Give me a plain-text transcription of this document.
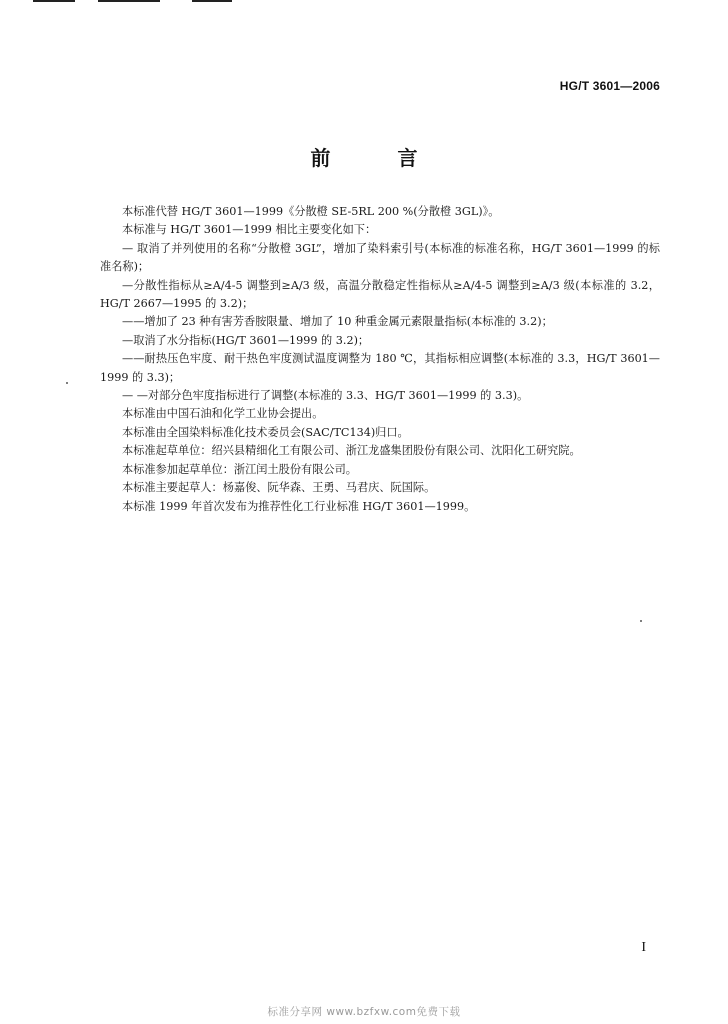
HG/T 3601—2006
前 言

本标准代替 HG/T 3601—1999《分散橙 SE-5RL 200 %(分散橙 3GL)》。

本标准与 HG/T 3601—1999 相比主要变化如下：

— 取消了并列使用的名称“分散橙 3GL”，增加了染料索引号(本标准的标准名称，HG/T 3601—1999 的标准名称)；

—分散性指标从≥A/4-5 调整到≥A/3 级，高温分散稳定性指标从≥A/4-5 调整到≥A/3 级(本标准的 3.2，HG/T 2667—1995 的 3.2)；

——增加了 23 种有害芳香胺限量、增加了 10 种重金属元素限量指标(本标准的 3.2)；

—取消了水分指标(HG/T 3601—1999 的 3.2)；

——耐热压色牢度、耐干热色牢度测试温度调整为 180 ℃，其指标相应调整(本标准的 3.3，HG/T 3601—1999 的 3.3)；

— —对部分色牢度指标进行了调整(本标准的 3.3、HG/T 3601—1999 的 3.3)。

本标准由中国石油和化学工业协会提出。

本标准由全国染料标准化技术委员会(SAC/TC134)归口。

本标准起草单位：绍兴县精细化工有限公司、浙江龙盛集团股份有限公司、沈阳化工研究院。

本标准参加起草单位：浙江闰土股份有限公司。

本标准主要起草人：杨嘉俊、阮华森、王勇、马君庆、阮国际。

本标准 1999 年首次发布为推荐性化工行业标准 HG/T 3601—1999。

I
标准分享网 www.bzfxw.com免费下载
